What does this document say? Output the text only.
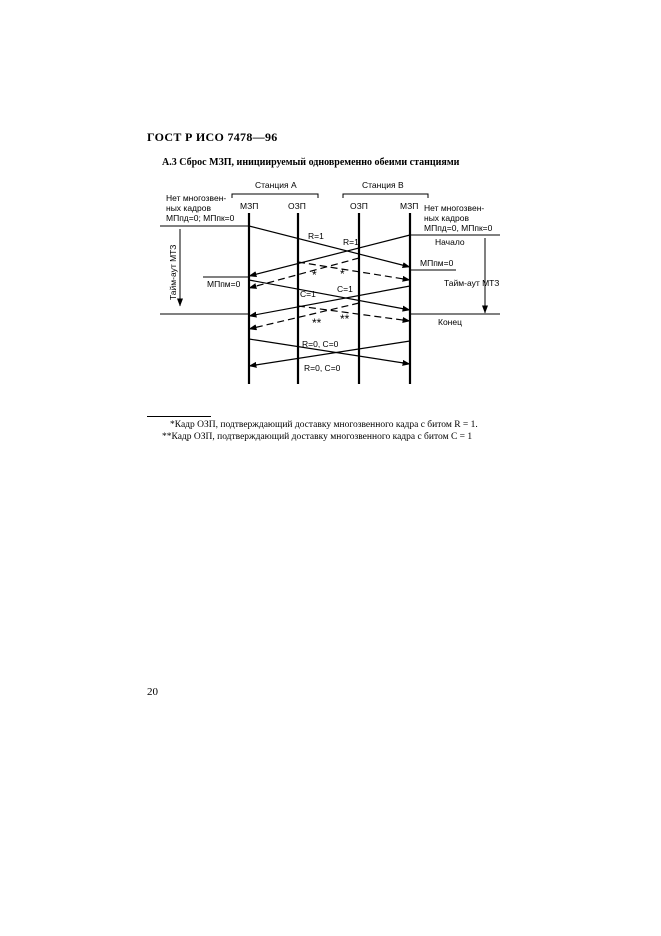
ГОСТ Р ИСО 7478—96
А.3 Сброс МЗП, инициируемый одновременно обеими станциями
Станция А	Станция В
МЗП	ОЗП	ОЗП	МЗП
Нет многозвен-
ных кадров
МПпд=0; МПпк=0
Тайм-аут МТЗ
Нет многозвен-
ных кадров
МПпд=0, МПпк=0
Начало
Тайм-аут МТЗ
Конец
МПпм=0
МПпм=0
R=1
R=1
* *
C=1 C=1
** **
R=0, C=0
R=0, C=0
*Кадр ОЗП, подтверждающий доставку многозвенного кадра с битом R = 1.
**Кадр ОЗП, подтверждающий доставку многозвенного кадра с битом C = 1
20
